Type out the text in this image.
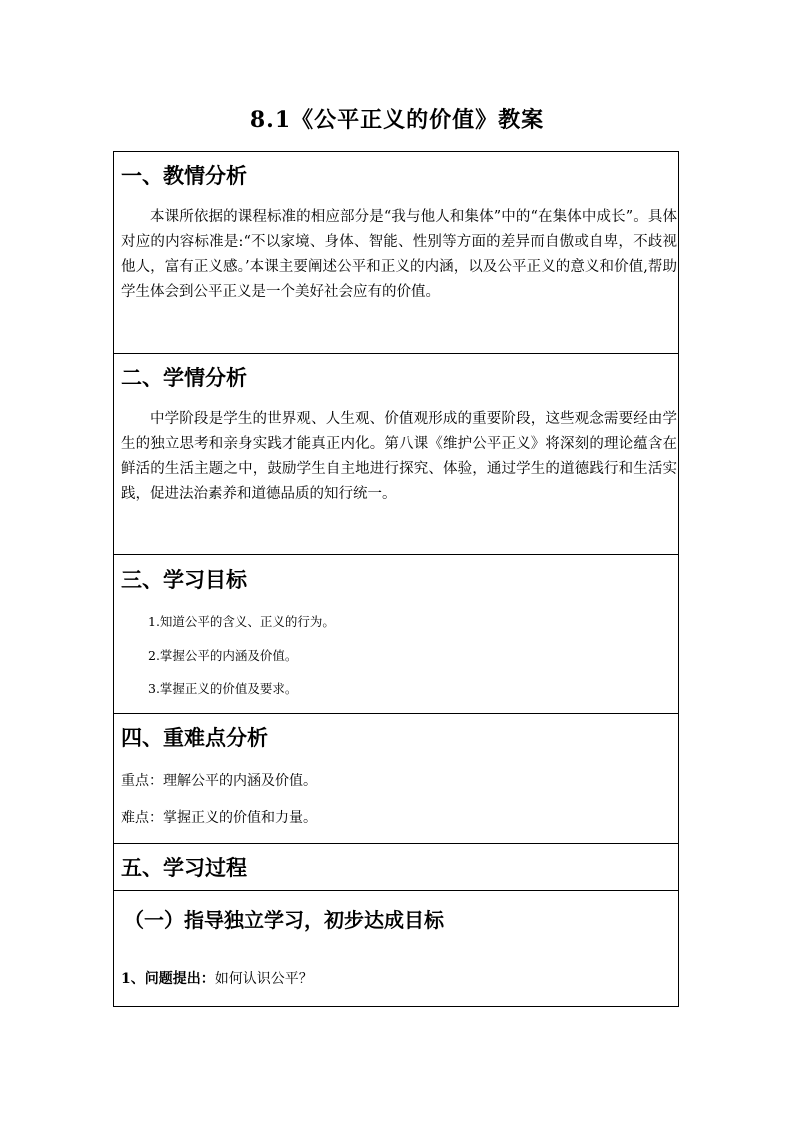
8.1《公平正义的价值》教案
一、教情分析
本课所依据的课程标准的相应部分是“我与他人和集体”中的“在集体中成长”。具体对应的内容标准是:“不以家境、身体、智能、性别等方面的差异而自傲或自卑，不歧视他人，富有正义感。’本课主要阐述公平和正义的内涵，以及公平正义的意义和价值,帮助学生体会到公平正义是一个美好社会应有的价值。
二、学情分析
中学阶段是学生的世界观、人生观、价值观形成的重要阶段，这些观念需要经由学生的独立思考和亲身实践才能真正内化。第八课《维护公平正义》将深刻的理论蕴含在鲜活的生活主题之中，鼓励学生自主地进行探究、体验，通过学生的道德践行和生活实践，促进法治素养和道德品质的知行统一。
三、学习目标
1.知道公平的含义、正义的行为。
2.掌握公平的内涵及价值。
3.掌握正义的价值及要求。
四、重难点分析
重点：理解公平的内涵及价值。
难点：掌握正义的价值和力量。
五、学习过程
（一）指导独立学习，初步达成目标
1、问题提出：如何认识公平？
